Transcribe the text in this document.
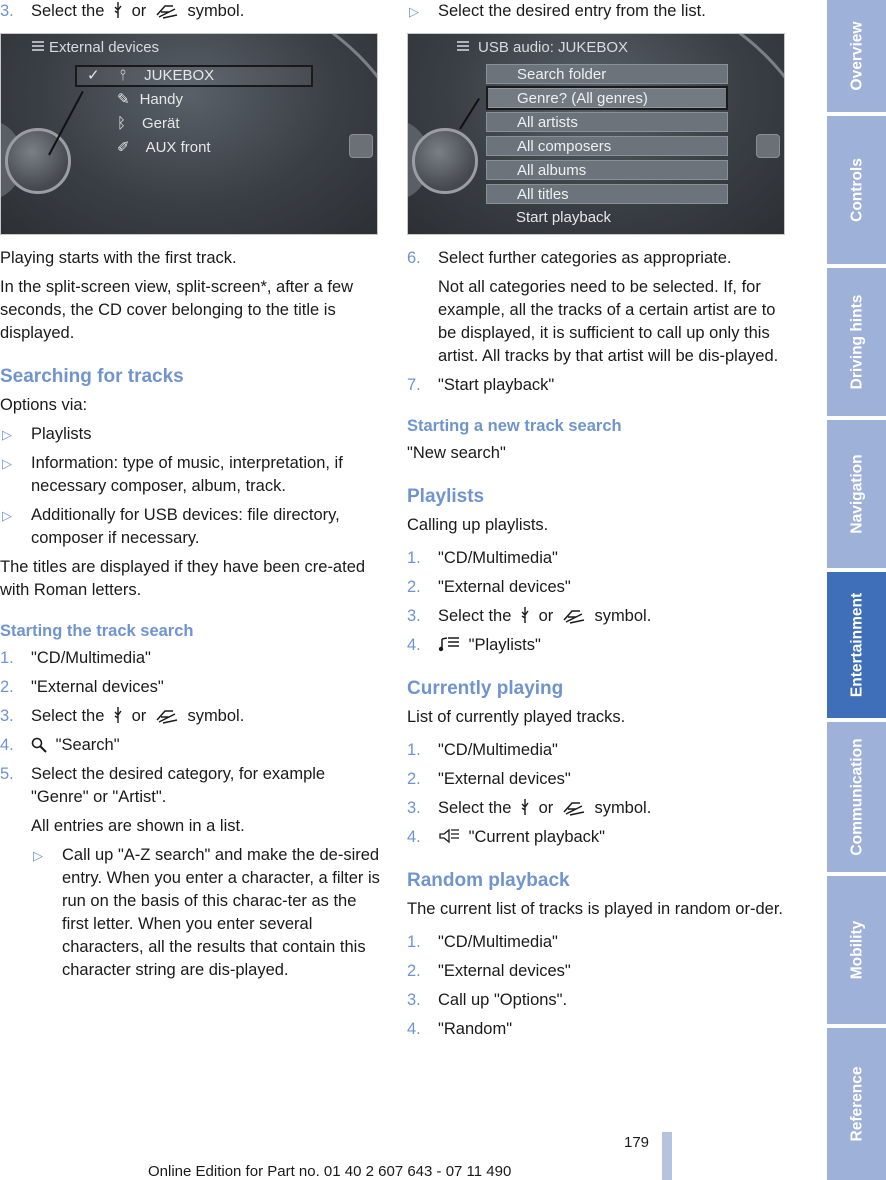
3. Select the or symbol.
External devices
✓ ⫯ JUKEBOX
✎ Handy
ᛒ Gerät
✐ AUX front

Playing starts with the first track.

In the split-screen view, split-screen*, after a few seconds, the CD cover belonging to the title is displayed.

Searching for tracks

Options via:

▷ Playlists
▷ Information: type of music, interpretation, if necessary composer, album, track.
▷ Additionally for USB devices: file directory, composer if necessary.

The titles are displayed if they have been cre-ated with Roman letters.

Starting the track search
1. "CD/Multimedia"
2. "External devices"
3. Select the or symbol.
4.	"Search"
5. Select the desired category, for example "Genre" or "Artist".
All entries are shown in a list.
▷ Call up "A-Z search" and make the de-sired entry. When you enter a character, a filter is run on the basis of this charac-ter as the first letter. When you enter several characters, all the results that contain this character string are dis-played.
▷ Select the desired entry from the list.
USB audio: JUKEBOX
Search folder
Genre? (All genres)
All artists
All composers
All albums
All titles
Start playback
6. Select further categories as appropriate.
Not all categories need to be selected. If, for example, all the tracks of a certain artist are to be displayed, it is sufficient to call up only this artist. All tracks by that artist will be dis-played.
7. "Start playback"
Starting a new track search

"New search"

Playlists

Calling up playlists.

1. "CD/Multimedia"
2. "External devices"
3. Select the or symbol.
4.	"Playlists"
Currently playing

List of currently played tracks.

1. "CD/Multimedia"
2. "External devices"
3. Select the or symbol.
4.	"Current playback"
Random playback

The current list of tracks is played in random or-der.

1. "CD/Multimedia"
2. "External devices"
3. Call up "Options".
4. "Random"
179
Online Edition for Part no. 01 40 2 607 643 - 07 11 490
Overview
Controls
Driving hints
Navigation
Entertainment
Communication
Mobility
Reference
